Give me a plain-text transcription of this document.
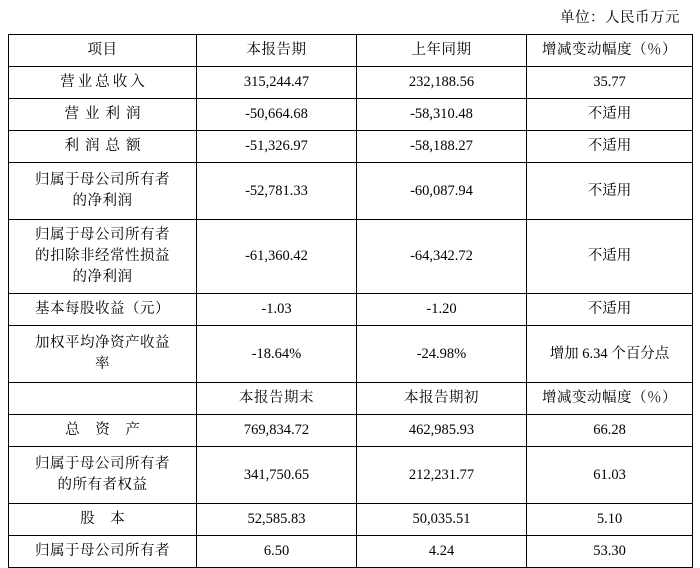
单位：人民币万元
项目	本报告期	上年同期	增减变动幅度（％）
营业总收入	315,244.47	232,188.56	35.77
营业利润	-50,664.68	-58,310.48	不适用
利润总额	-51,326.97	-58,188.27	不适用
归属于母公司所有者
的净利润	-52,781.33	-60,087.94	不适用
归属于母公司所有者
的扣除非经常性损益
的净利润	-61,360.42	-64,342.72	不适用
基本每股收益（元）	-1.03	-1.20	不适用
加权平均净资产收益
率	-18.64%	-24.98%	增加 6.34 个百分点
	本报告期末	本报告期初	增减变动幅度（％）
总 资 产	769,834.72	462,985.93	66.28
归属于母公司所有者
的所有者权益	341,750.65	212,231.77	61.03
股 本	52,585.83	50,035.51	5.10
归属于母公司所有者	6.50	4.24	53.30
